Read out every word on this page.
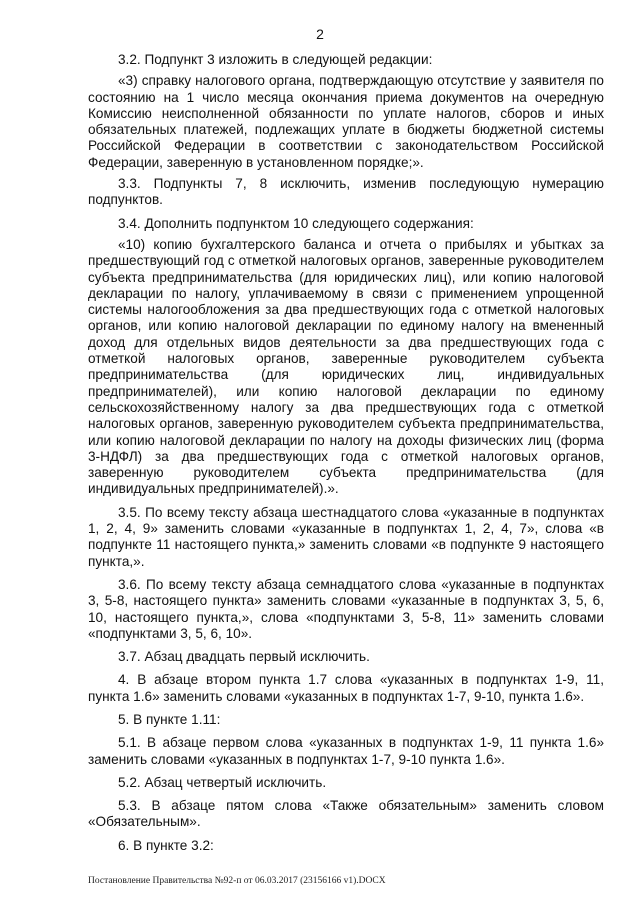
2

3.2. Подпункт 3 изложить в следующей редакции:

«3) справку налогового органа, подтверждающую отсутствие у заявителя по состоянию на 1 число месяца окончания приема документов на очередную Комиссию неисполненной обязанности по уплате налогов, сборов и иных обязательных платежей, подлежащих уплате в бюджеты бюджетной системы Российской Федерации в соответствии с законодательством Российской Федерации, заверенную в установленном порядке;».

3.3. Подпункты 7, 8 исключить, изменив последующую нумерацию подпунктов.

3.4. Дополнить подпунктом 10 следующего содержания:

«10) копию бухгалтерского баланса и отчета о прибылях и убытках за предшествующий год с отметкой налоговых органов, заверенные руководителем субъекта предпринимательства (для юридических лиц), или копию налоговой декларации по налогу, уплачиваемому в связи с применением упрощенной системы налогообложения за два предшествующих года с отметкой налоговых органов, или копию налоговой декларации по единому налогу на вмененный доход для отдельных видов деятельности за два предшествующих года с отметкой налоговых органов, заверенные руководителем субъекта предпринимательства (для юридических лиц, индивидуальных предпринимателей), или копию налоговой декларации по единому сельскохозяйственному налогу за два предшествующих года с отметкой налоговых органов, заверенную руководителем субъекта предпринимательства, или копию налоговой декларации по налогу на доходы физических лиц (форма 3-НДФЛ) за два предшествующих года с отметкой налоговых органов, заверенную руководителем субъекта предпринимательства (для индивидуальных предпринимателей).».

3.5. По всему тексту абзаца шестнадцатого слова «указанные в подпунктах 1, 2, 4, 9» заменить словами «указанные в подпунктах 1, 2, 4, 7», слова «в подпункте 11 настоящего пункта,» заменить словами «в подпункте 9 настоящего пункта,».

3.6. По всему тексту абзаца семнадцатого слова «указанные в подпунктах 3, 5-8, настоящего пункта» заменить словами «указанные в подпунктах 3, 5, 6, 10, настоящего пункта,», слова «подпунктами 3, 5-8, 11» заменить словами «подпунктами 3, 5, 6, 10».

3.7. Абзац двадцать первый исключить.

4. В абзаце втором пункта 1.7 слова «указанных в подпунктах 1-9, 11, пункта 1.6» заменить словами «указанных в подпунктах 1-7, 9-10, пункта 1.6».

5. В пункте 1.11:

5.1. В абзаце первом слова «указанных в подпунктах 1-9, 11 пункта 1.6» заменить словами «указанных в подпунктах 1-7, 9-10 пункта 1.6».

5.2. Абзац четвертый исключить.

5.3. В абзаце пятом слова «Также обязательным» заменить словом «Обязательным».

6. В пункте 3.2:

Постановление Правительства №92-п от 06.03.2017 (23156166 v1).DOCX
